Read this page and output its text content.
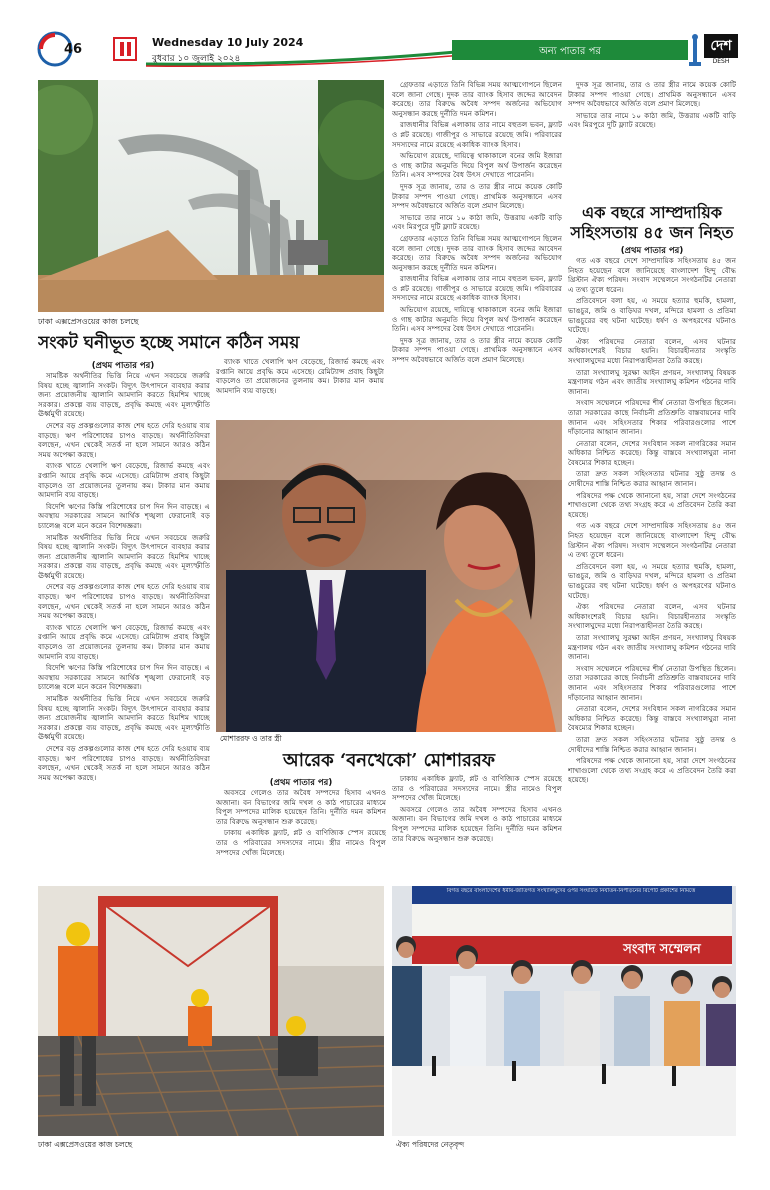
46	Wednesday 10 July 2024
বুধবার ১০ জুলাই ২০২৪
অন্য পাতার পর	দেশ
DESH
ঢাকা এক্সপ্রেসওয়ের কাজ চলছে
সংকট ঘনীভূত হচ্ছে সমানে কঠিন সময়
(প্রথম পাতার পর)

সামষ্টিক অর্থনীতির ভিত্তি নিয়ে এখন সবচেয়ে জরুরি বিষয় হচ্ছে জ্বালানি সংকট। বিদ্যুৎ উৎপাদনে ব্যবহার করার জন্য প্রয়োজনীয় জ্বালানি আমদানি করতে হিমশিম খাচ্ছে সরকার। প্রকল্পে ব্যয় বাড়ছে, প্রবৃদ্ধি কমছে এবং মূল্যস্ফীতি ঊর্ধ্বমুখী রয়েছে।

দেশের বড় প্রকল্পগুলোর কাজ শেষ হতে দেরি হওয়ায় ব্যয় বাড়ছে। ঋণ পরিশোধের চাপও বাড়ছে। অর্থনীতিবিদরা বলছেন, এখন থেকেই সতর্ক না হলে সামনে আরও কঠিন সময় অপেক্ষা করছে।

ব্যাংক খাতে খেলাপি ঋণ বেড়েছে, রিজার্ভ কমছে এবং রপ্তানি আয়ে প্রবৃদ্ধি কমে এসেছে। রেমিট্যান্স প্রবাহ কিছুটা বাড়লেও তা প্রয়োজনের তুলনায় কম। টাকার মান কমায় আমদানি ব্যয় বাড়ছে।

বিদেশি ঋণের কিস্তি পরিশোধের চাপ দিন দিন বাড়ছে। এ অবস্থায় সরকারের সামনে আর্থিক শৃঙ্খলা ফেরানোই বড় চ্যালেঞ্জ বলে মনে করেন বিশেষজ্ঞরা।

সামষ্টিক অর্থনীতির ভিত্তি নিয়ে এখন সবচেয়ে জরুরি বিষয় হচ্ছে জ্বালানি সংকট। বিদ্যুৎ উৎপাদনে ব্যবহার করার জন্য প্রয়োজনীয় জ্বালানি আমদানি করতে হিমশিম খাচ্ছে সরকার। প্রকল্পে ব্যয় বাড়ছে, প্রবৃদ্ধি কমছে এবং মূল্যস্ফীতি ঊর্ধ্বমুখী রয়েছে।

দেশের বড় প্রকল্পগুলোর কাজ শেষ হতে দেরি হওয়ায় ব্যয় বাড়ছে। ঋণ পরিশোধের চাপও বাড়ছে। অর্থনীতিবিদরা বলছেন, এখন থেকেই সতর্ক না হলে সামনে আরও কঠিন সময় অপেক্ষা করছে।

ব্যাংক খাতে খেলাপি ঋণ বেড়েছে, রিজার্ভ কমছে এবং রপ্তানি আয়ে প্রবৃদ্ধি কমে এসেছে। রেমিট্যান্স প্রবাহ কিছুটা বাড়লেও তা প্রয়োজনের তুলনায় কম। টাকার মান কমায় আমদানি ব্যয় বাড়ছে।

বিদেশি ঋণের কিস্তি পরিশোধের চাপ দিন দিন বাড়ছে। এ অবস্থায় সরকারের সামনে আর্থিক শৃঙ্খলা ফেরানোই বড় চ্যালেঞ্জ বলে মনে করেন বিশেষজ্ঞরা।

সামষ্টিক অর্থনীতির ভিত্তি নিয়ে এখন সবচেয়ে জরুরি বিষয় হচ্ছে জ্বালানি সংকট। বিদ্যুৎ উৎপাদনে ব্যবহার করার জন্য প্রয়োজনীয় জ্বালানি আমদানি করতে হিমশিম খাচ্ছে সরকার। প্রকল্পে ব্যয় বাড়ছে, প্রবৃদ্ধি কমছে এবং মূল্যস্ফীতি ঊর্ধ্বমুখী রয়েছে।

দেশের বড় প্রকল্পগুলোর কাজ শেষ হতে দেরি হওয়ায় ব্যয় বাড়ছে। ঋণ পরিশোধের চাপও বাড়ছে। অর্থনীতিবিদরা বলছেন, এখন থেকেই সতর্ক না হলে সামনে আরও কঠিন সময় অপেক্ষা করছে।

ব্যাংক খাতে খেলাপি ঋণ বেড়েছে, রিজার্ভ কমছে এবং রপ্তানি আয়ে প্রবৃদ্ধি কমে এসেছে। রেমিট্যান্স প্রবাহ কিছুটা বাড়লেও তা প্রয়োজনের তুলনায় কম। টাকার মান কমায় আমদানি ব্যয় বাড়ছে।

গ্রেফতার এড়াতে তিনি বিভিন্ন সময় আত্মগোপনে ছিলেন বলে জানা গেছে। দুদক তার ব্যাংক হিসাব জব্দের আবেদন করেছে। তার বিরুদ্ধে অবৈধ সম্পদ অর্জনের অভিযোগ অনুসন্ধান করছে দুর্নীতি দমন কমিশন।

রাজধানীর বিভিন্ন এলাকায় তার নামে বহুতল ভবন, ফ্ল্যাট ও প্লট রয়েছে। গাজীপুর ও সাভারে রয়েছে জমি। পরিবারের সদস্যদের নামে রয়েছে একাধিক ব্যাংক হিসাব।

অভিযোগ রয়েছে, দায়িত্বে থাকাকালে বনের জমি ইজারা ও গাছ কাটার অনুমতি দিয়ে বিপুল অর্থ উপার্জন করেছেন তিনি। এসব সম্পদের বৈধ উৎস দেখাতে পারেননি।

দুদক সূত্র জানায়, তার ও তার স্ত্রীর নামে কয়েক কোটি টাকার সম্পদ পাওয়া গেছে। প্রাথমিক অনুসন্ধানে এসব সম্পদ অবৈধভাবে অর্জিত বলে প্রমাণ মিলেছে।

সাভারে তার নামে ১০ কাঠা জমি, উত্তরায় একটি বাড়ি এবং মিরপুরে দুটি ফ্ল্যাট রয়েছে।

গ্রেফতার এড়াতে তিনি বিভিন্ন সময় আত্মগোপনে ছিলেন বলে জানা গেছে। দুদক তার ব্যাংক হিসাব জব্দের আবেদন করেছে। তার বিরুদ্ধে অবৈধ সম্পদ অর্জনের অভিযোগ অনুসন্ধান করছে দুর্নীতি দমন কমিশন।

রাজধানীর বিভিন্ন এলাকায় তার নামে বহুতল ভবন, ফ্ল্যাট ও প্লট রয়েছে। গাজীপুর ও সাভারে রয়েছে জমি। পরিবারের সদস্যদের নামে রয়েছে একাধিক ব্যাংক হিসাব।

অভিযোগ রয়েছে, দায়িত্বে থাকাকালে বনের জমি ইজারা ও গাছ কাটার অনুমতি দিয়ে বিপুল অর্থ উপার্জন করেছেন তিনি। এসব সম্পদের বৈধ উৎস দেখাতে পারেননি।

দুদক সূত্র জানায়, তার ও তার স্ত্রীর নামে কয়েক কোটি টাকার সম্পদ পাওয়া গেছে। প্রাথমিক অনুসন্ধানে এসব সম্পদ অবৈধভাবে অর্জিত বলে প্রমাণ মিলেছে।

দুদক সূত্র জানায়, তার ও তার স্ত্রীর নামে কয়েক কোটি টাকার সম্পদ পাওয়া গেছে। প্রাথমিক অনুসন্ধানে এসব সম্পদ অবৈধভাবে অর্জিত বলে প্রমাণ মিলেছে।

সাভারে তার নামে ১০ কাঠা জমি, উত্তরায় একটি বাড়ি এবং মিরপুরে দুটি ফ্ল্যাট রয়েছে।

এক বছরে সাম্প্রদায়িক
সহিংসতায় ৪৫ জন নিহত
(প্রথম পাতার পর)

গত এক বছরে দেশে সাম্প্রদায়িক সহিংসতায় ৪৫ জন নিহত হয়েছেন বলে জানিয়েছে বাংলাদেশ হিন্দু বৌদ্ধ খ্রিস্টান ঐক্য পরিষদ। সংবাদ সম্মেলনে সংগঠনটির নেতারা এ তথ্য তুলে ধরেন।

প্রতিবেদনে বলা হয়, এ সময়ে হত্যার হুমকি, হামলা, ভাঙচুর, জমি ও বাড়িঘর দখল, মন্দিরে হামলা ও প্রতিমা ভাঙচুরের বহু ঘটনা ঘটেছে। ধর্ষণ ও অপহরণের ঘটনাও ঘটেছে।

ঐক্য পরিষদের নেতারা বলেন, এসব ঘটনার অধিকাংশেরই বিচার হয়নি। বিচারহীনতার সংস্কৃতি সংখ্যালঘুদের মধ্যে নিরাপত্তাহীনতা তৈরি করছে।

তারা সংখ্যালঘু সুরক্ষা আইন প্রণয়ন, সংখ্যালঘু বিষয়ক মন্ত্রণালয় গঠন এবং জাতীয় সংখ্যালঘু কমিশন গঠনের দাবি জানান।

সংবাদ সম্মেলনে পরিষদের শীর্ষ নেতারা উপস্থিত ছিলেন। তারা সরকারের কাছে নির্বাচনী প্রতিশ্রুতি বাস্তবায়নের দাবি জানান এবং সহিংসতার শিকার পরিবারগুলোর পাশে দাঁড়ানোর আহ্বান জানান।

নেতারা বলেন, দেশের সংবিধান সকল নাগরিকের সমান অধিকার নিশ্চিত করেছে। কিন্তু বাস্তবে সংখ্যালঘুরা নানা বৈষম্যের শিকার হচ্ছেন।

তারা দ্রুত সকল সহিংসতার ঘটনার সুষ্ঠু তদন্ত ও দোষীদের শাস্তি নিশ্চিত করার আহ্বান জানান।

পরিষদের পক্ষ থেকে জানানো হয়, সারা দেশে সংগঠনের শাখাগুলো থেকে তথ্য সংগ্রহ করে এ প্রতিবেদন তৈরি করা হয়েছে।

গত এক বছরে দেশে সাম্প্রদায়িক সহিংসতায় ৪৫ জন নিহত হয়েছেন বলে জানিয়েছে বাংলাদেশ হিন্দু বৌদ্ধ খ্রিস্টান ঐক্য পরিষদ। সংবাদ সম্মেলনে সংগঠনটির নেতারা এ তথ্য তুলে ধরেন।

প্রতিবেদনে বলা হয়, এ সময়ে হত্যার হুমকি, হামলা, ভাঙচুর, জমি ও বাড়িঘর দখল, মন্দিরে হামলা ও প্রতিমা ভাঙচুরের বহু ঘটনা ঘটেছে। ধর্ষণ ও অপহরণের ঘটনাও ঘটেছে।

ঐক্য পরিষদের নেতারা বলেন, এসব ঘটনার অধিকাংশেরই বিচার হয়নি। বিচারহীনতার সংস্কৃতি সংখ্যালঘুদের মধ্যে নিরাপত্তাহীনতা তৈরি করছে।

তারা সংখ্যালঘু সুরক্ষা আইন প্রণয়ন, সংখ্যালঘু বিষয়ক মন্ত্রণালয় গঠন এবং জাতীয় সংখ্যালঘু কমিশন গঠনের দাবি জানান।

সংবাদ সম্মেলনে পরিষদের শীর্ষ নেতারা উপস্থিত ছিলেন। তারা সরকারের কাছে নির্বাচনী প্রতিশ্রুতি বাস্তবায়নের দাবি জানান এবং সহিংসতার শিকার পরিবারগুলোর পাশে দাঁড়ানোর আহ্বান জানান।

নেতারা বলেন, দেশের সংবিধান সকল নাগরিকের সমান অধিকার নিশ্চিত করেছে। কিন্তু বাস্তবে সংখ্যালঘুরা নানা বৈষম্যের শিকার হচ্ছেন।

তারা দ্রুত সকল সহিংসতার ঘটনার সুষ্ঠু তদন্ত ও দোষীদের শাস্তি নিশ্চিত করার আহ্বান জানান।

পরিষদের পক্ষ থেকে জানানো হয়, সারা দেশে সংগঠনের শাখাগুলো থেকে তথ্য সংগ্রহ করে এ প্রতিবেদন তৈরি করা হয়েছে।

মোশাররফ ও তার স্ত্রী
আরেক ‘বনখেকো’ মোশাররফ
(প্রথম পাতার পর)

অবসরে গেলেও তার অবৈধ সম্পদের হিসাব এখনও অজানা। বন বিভাগের জমি দখল ও কাঠ পাচারের মাধ্যমে বিপুল সম্পদের মালিক হয়েছেন তিনি। দুর্নীতি দমন কমিশন তার বিরুদ্ধে অনুসন্ধান শুরু করেছে।

ঢাকায় একাধিক ফ্ল্যাট, প্লট ও বাণিজ্যিক স্পেস রয়েছে তার ও পরিবারের সদস্যদের নামে। স্ত্রীর নামেও বিপুল সম্পদের খোঁজ মিলেছে।

ঢাকায় একাধিক ফ্ল্যাট, প্লট ও বাণিজ্যিক স্পেস রয়েছে তার ও পরিবারের সদস্যদের নামে। স্ত্রীর নামেও বিপুল সম্পদের খোঁজ মিলেছে।

অবসরে গেলেও তার অবৈধ সম্পদের হিসাব এখনও অজানা। বন বিভাগের জমি দখল ও কাঠ পাচারের মাধ্যমে বিপুল সম্পদের মালিক হয়েছেন তিনি। দুর্নীতি দমন কমিশন তার বিরুদ্ধে অনুসন্ধান শুরু করেছে।

ঢাকা এক্সপ্রেসওয়ের কাজ চলছে
বিগত বছরে বাংলাদেশের ধর্মীয়-জাতিগত সংখ্যালঘুদের ওপর সংঘটিত নির্যাতন-নিপীড়নের রিপোর্ট প্রকাশের নিমিত্তে
সংবাদ সম্মেলন
ঐক্য পরিষদের নেতৃবৃন্দ
